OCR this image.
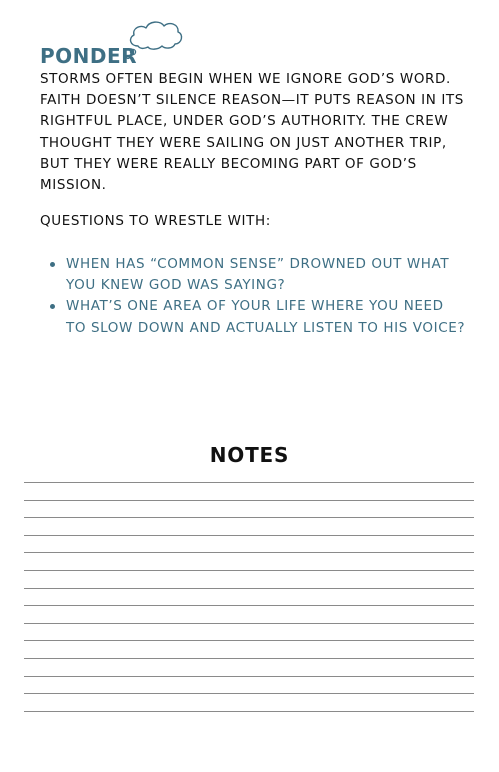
PONDER
STORMS OFTEN BEGIN WHEN WE IGNORE GOD’S WORD. FAITH DOESN’T SILENCE REASON—IT PUTS REASON IN ITS RIGHTFUL PLACE, UNDER GOD’S AUTHORITY. THE CREW THOUGHT THEY WERE SAILING ON JUST ANOTHER TRIP, BUT THEY WERE REALLY BECOMING PART OF GOD’S MISSION.
QUESTIONS TO WRESTLE WITH:
WHEN HAS “COMMON SENSE” DROWNED OUT WHAT YOU KNEW GOD WAS SAYING?
WHAT’S ONE AREA OF YOUR LIFE WHERE YOU NEED TO SLOW DOWN AND ACTUALLY LISTEN TO HIS VOICE?
NOTES
